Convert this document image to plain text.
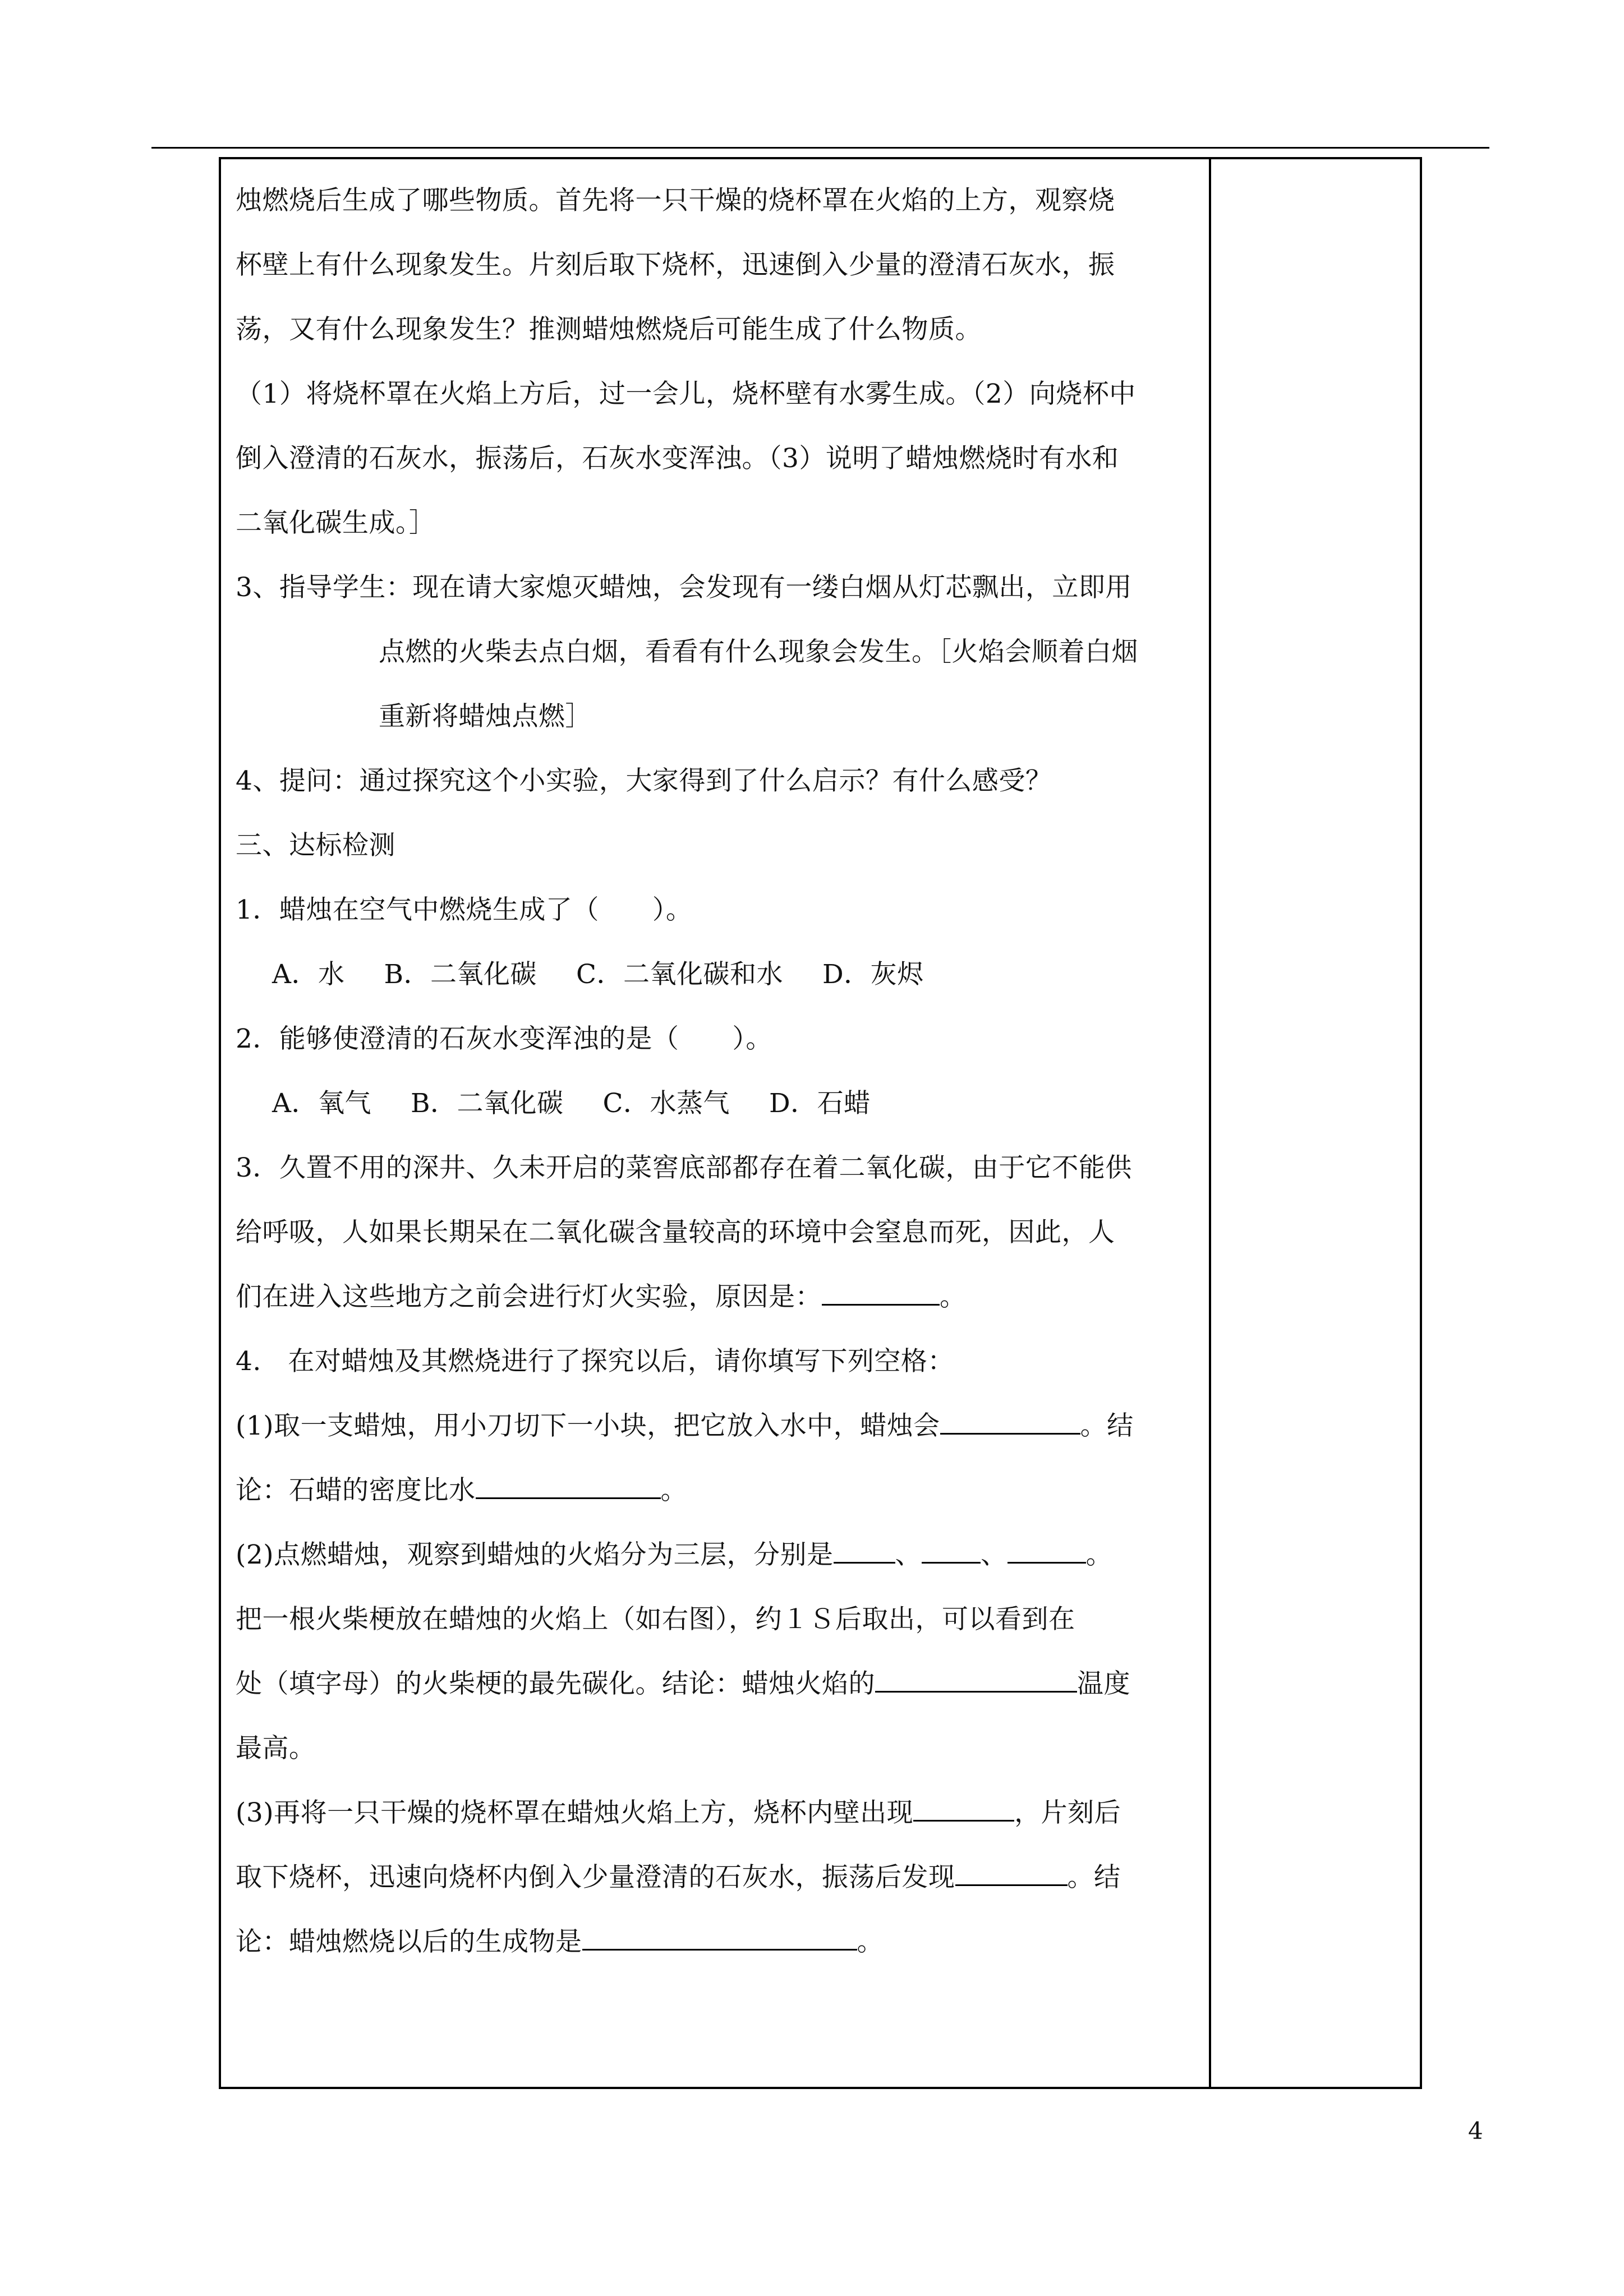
烛燃烧后生成了哪些物质。首先将一只干燥的烧杯罩在火焰的上方，观察烧
杯壁上有什么现象发生。片刻后取下烧杯，迅速倒入少量的澄清石灰水，振
荡，又有什么现象发生？推测蜡烛燃烧后可能生成了什么物质。
（1）将烧杯罩在火焰上方后，过一会儿，烧杯壁有水雾生成。（2）向烧杯中
倒入澄清的石灰水，振荡后，石灰水变浑浊。（3）说明了蜡烛燃烧时有水和
二氧化碳生成。］
3、指导学生：现在请大家熄灭蜡烛，会发现有一缕白烟从灯芯飘出，立即用
点燃的火柴去点白烟，看看有什么现象会发生。［火焰会顺着白烟
重新将蜡烛点燃］
4、提问：通过探究这个小实验，大家得到了什么启示？有什么感受？
三、达标检测
1．蜡烛在空气中燃烧生成了（　　）。
A．水 B．二氧化碳 C．二氧化碳和水 D．灰烬
2．能够使澄清的石灰水变浑浊的是（　　）。
A．氧气 B．二氧化碳 C．水蒸气 D．石蜡
3．久置不用的深井、久未开启的菜窖底部都存在着二氧化碳，由于它不能供
给呼吸，人如果长期呆在二氧化碳含量较高的环境中会窒息而死，因此，人
们在进入这些地方之前会进行灯火实验，原因是：	。
4.　在对蜡烛及其燃烧进行了探究以后，请你填写下列空格：
(1)取一支蜡烛，用小刀切下一小块，把它放入水中，蜡烛会	。结
论：石蜡的密度比水	。
(2)点燃蜡烛，观察到蜡烛的火焰分为三层，分别是 、 、	。
把一根火柴梗放在蜡烛的火焰上（如右图），约１Ｓ后取出，可以看到在
处（填字母）的火柴梗的最先碳化。结论：蜡烛火焰的	温度
最高。
(3)再将一只干燥的烧杯罩在蜡烛火焰上方，烧杯内壁出现	，片刻后
取下烧杯，迅速向烧杯内倒入少量澄清的石灰水，振荡后发现	。结
论：蜡烛燃烧以后的生成物是	。
4
